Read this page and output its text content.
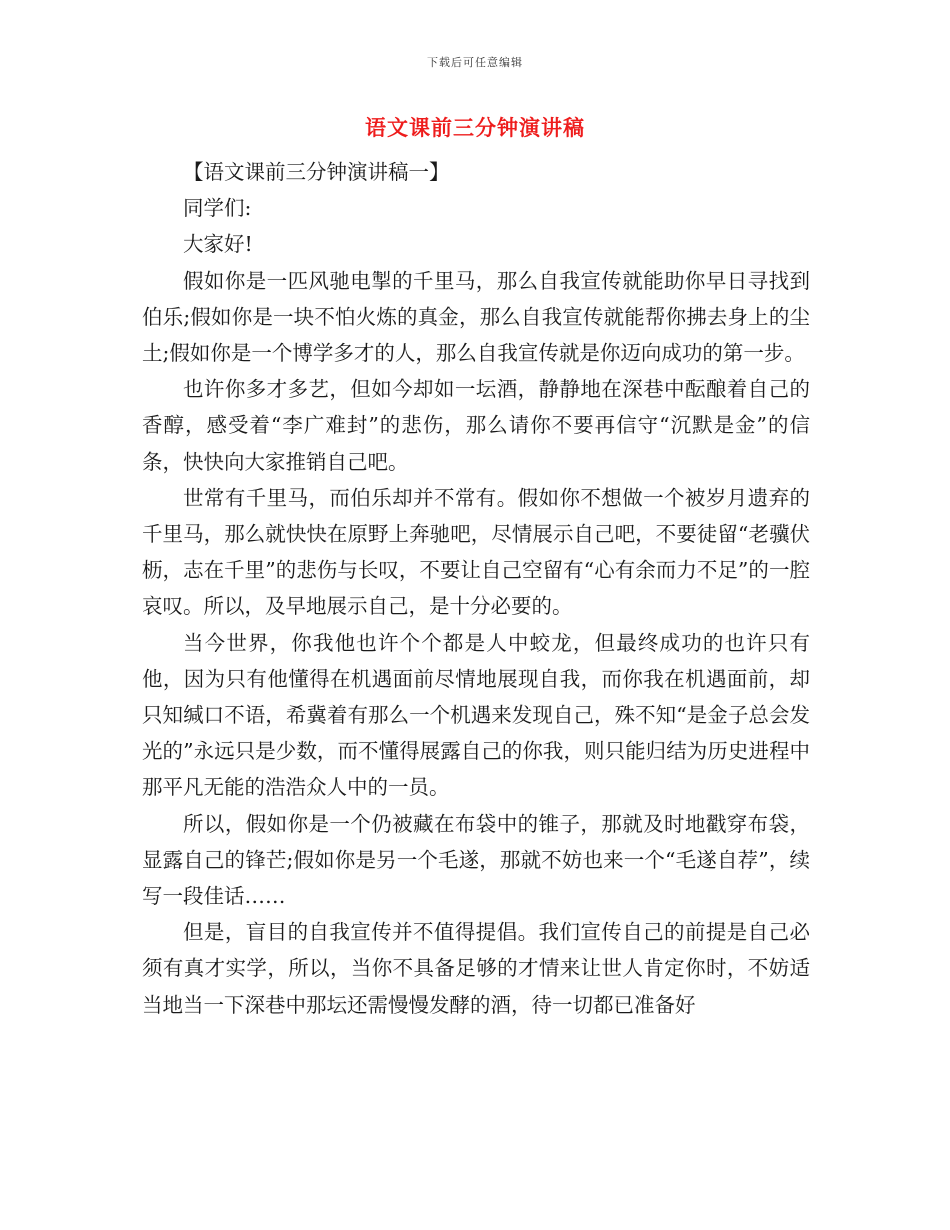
下载后可任意编辑
语文课前三分钟演讲稿

【语文课前三分钟演讲稿一】

同学们:

大家好!

假如你是一匹风驰电掣的千里马，那么自我宣传就能助你早日寻找到伯乐;假如你是一块不怕火炼的真金，那么自我宣传就能帮你拂去身上的尘土;假如你是一个博学多才的人，那么自我宣传就是你迈向成功的第一步。

也许你多才多艺，但如今却如一坛酒，静静地在深巷中酝酿着自己的香醇，感受着“李广难封”的悲伤，那么请你不要再信守“沉默是金”的信条，快快向大家推销自己吧。

世常有千里马，而伯乐却并不常有。假如你不想做一个被岁月遗弃的千里马，那么就快快在原野上奔驰吧，尽情展示自己吧，不要徒留“老骥伏枥，志在千里”的悲伤与长叹，不要让自己空留有“心有余而力不足”的一腔哀叹。所以，及早地展示自己，是十分必要的。

当今世界，你我他也许个个都是人中蛟龙，但最终成功的也许只有他，因为只有他懂得在机遇面前尽情地展现自我，而你我在机遇面前，却只知缄口不语，希冀着有那么一个机遇来发现自己，殊不知“是金子总会发光的”永远只是少数，而不懂得展露自己的你我，则只能归结为历史进程中那平凡无能的浩浩众人中的一员。

所以，假如你是一个仍被藏在布袋中的锥子，那就及时地戳穿布袋，显露自己的锋芒;假如你是另一个毛遂，那就不妨也来一个“毛遂自荐”，续写一段佳话……

但是，盲目的自我宣传并不值得提倡。我们宣传自己的前提是自己必须有真才实学，所以，当你不具备足够的才情来让世人肯定你时，不妨适当地当一下深巷中那坛还需慢慢发酵的酒，待一切都已准备好
